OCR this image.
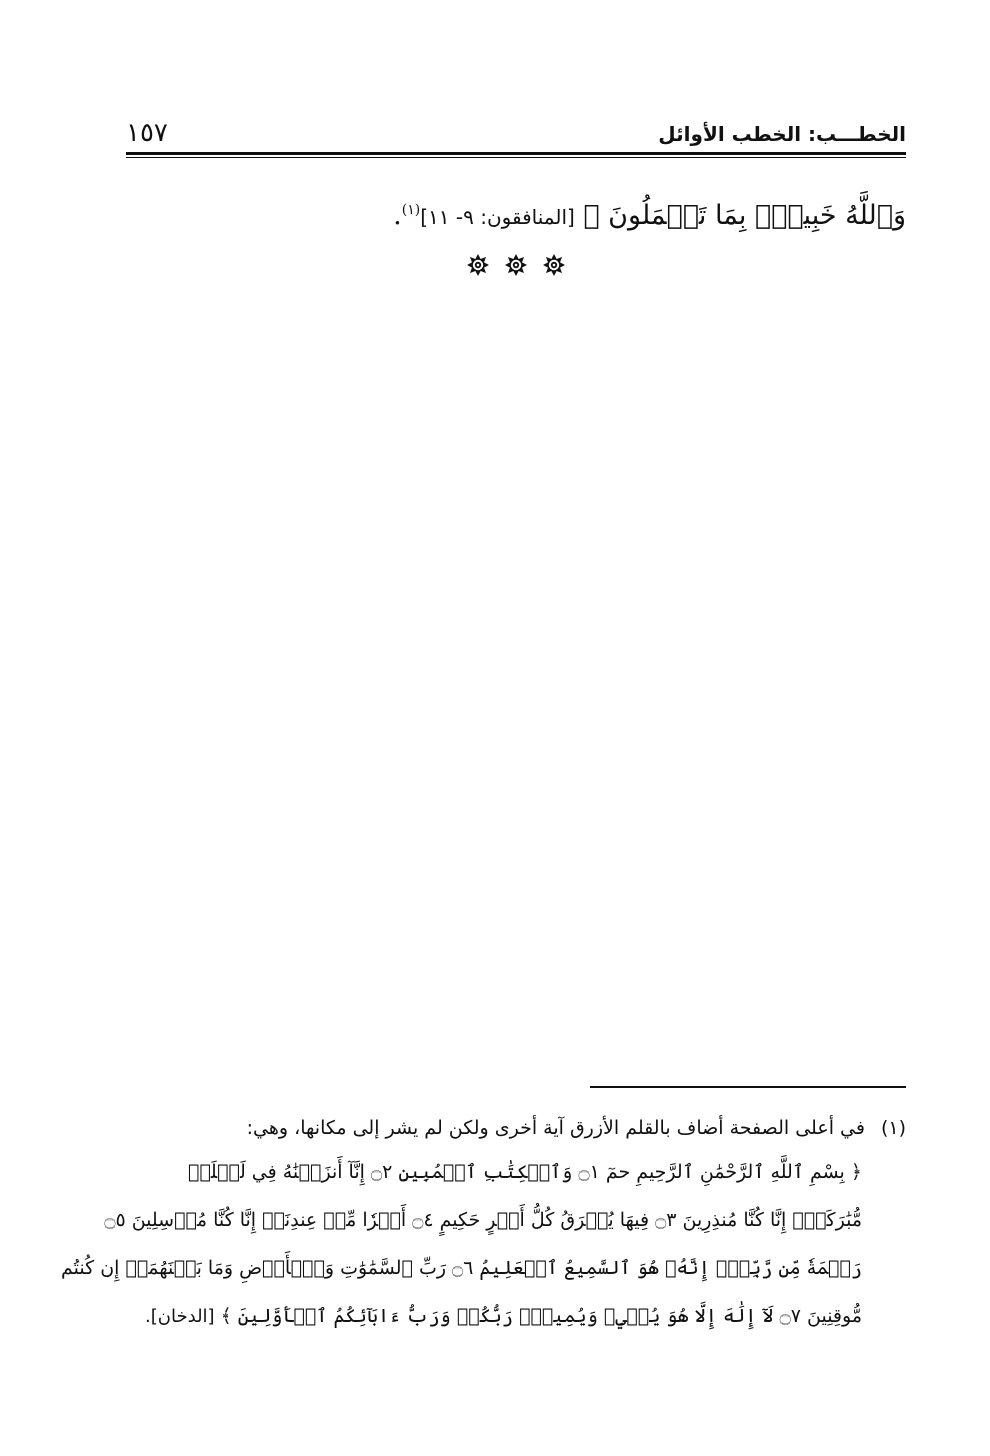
الخطـــب: الخطب الأوائل
١٥٧
وَٱللَّهُ خَبِيرُۢ بِمَا تَعۡمَلُونَ ﴾ [المنافقون: ٩- ١١]$^{(١)}$.
(١)في أعلى الصفحة أضاف بالقلم الأزرق آية أخرى ولكن لم يشر إلى مكانها، وهي:
﴿ بِسْمِ ٱللَّهِ ٱلرَّحْمَٰنِ ٱلرَّحِيمِ حمٓ ۝١ وَٱلۡكِتَٰبِ ٱلۡمُبِينِ ۝٢ إِنَّآ أَنزَلۡنَٰهُ فِي لَيۡلَةٖ
مُّبَٰرَكَةٍۚ إِنَّا كُنَّا مُنذِرِينَ ۝٣ فِيهَا يُفۡرَقُ كُلُّ أَمۡرٍ حَكِيمٍ ۝٤ أَمۡرٗا مِّنۡ عِندِنَآۚ إِنَّا كُنَّا مُرۡسِلِينَ ۝٥
رَحۡمَةٗ مِّن رَّبِّكَۚ إِنَّهُۥ هُوَ ٱلسَّمِيعُ ٱلۡعَلِيمُ ۝٦ رَبِّ ٱلسَّمَٰوَٰتِ وَٱلۡأَرۡضِ وَمَا بَيۡنَهُمَآۖ إِن كُنتُم
مُّوقِنِينَ ۝٧ لَآ إِلَٰهَ إِلَّا هُوَ يُحۡيِۦ وَيُمِيتُۖ رَبُّكُمۡ وَرَبُّ ءَابَآئِكُمُ ٱلۡأَوَّلِينَ ﴾ [الدخان].
